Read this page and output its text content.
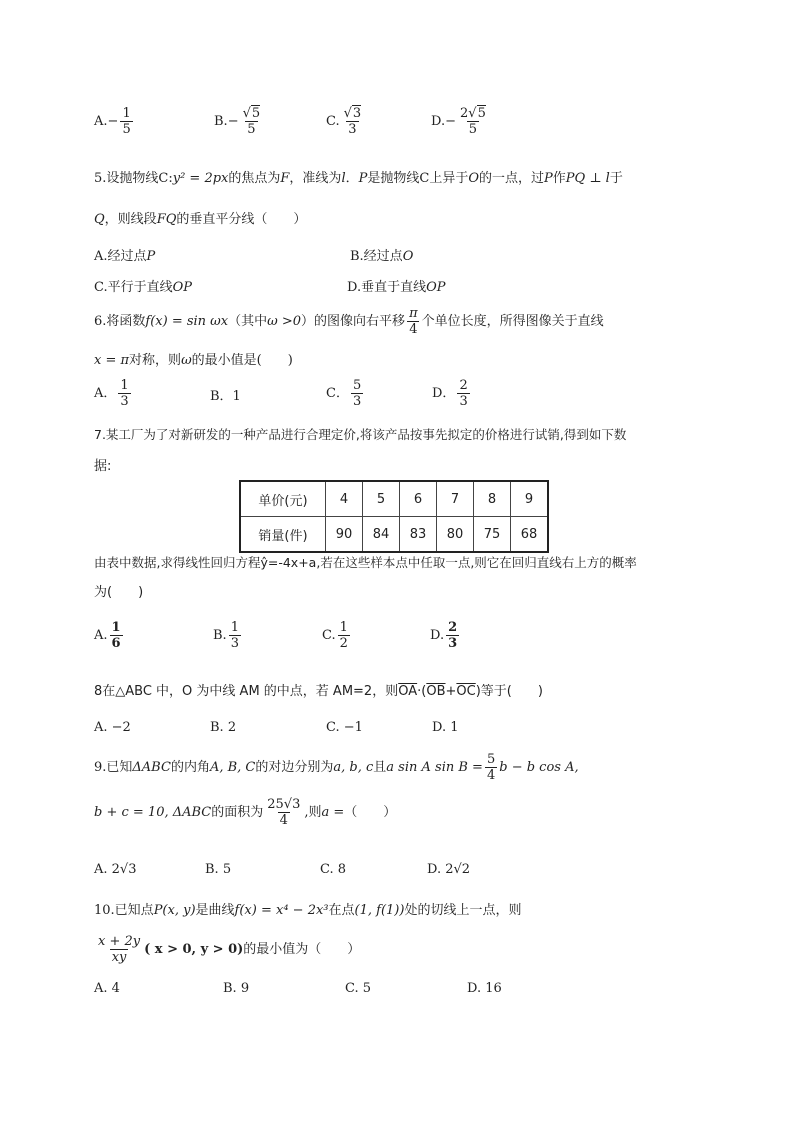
$A.- \frac{1}{5}$	$B.- \frac{√5}{5}$	C. $\frac{√3}{3}$	$D.- \frac{2√5}{5}$
5.设抛物线C:y² = 2px的焦点为F，准线为l．P是抛物线C上异于O的一点，过P作PQ ⊥ l于
Q，则线段FQ的垂直平分线（　　）
A.经过点P	B.经过点O
C.平行于直线OP	D.垂直于直线OP
6.将函数f(x) = sin ωx（其中ω >0）的图像向右平移 $\frac{\pi}{4}$ 个单位长度，所得图像关于直线
x = π对称，则ω的最小值是(　　)
A． $\frac{1}{3}$	B．1	C． $\frac{5}{3}$	D． $\frac{2}{3}$
7.某工厂为了对新研发的一种产品进行合理定价,将该产品按事先拟定的价格进行试销,得到如下数
据:
单价(元)	4	5	6	7	8	9
销量(件)	90	84	83	80	75	68
由表中数据,求得线性回归方程ŷ=-4x+a,若在这些样本点中任取一点,则它在回归直线右上方的概率
为(　　)
A. $\frac{1}{6}$	B. $\frac{1}{3}$	C. $\frac{1}{2}$	D. $\frac{2}{3}$
8在△ABC 中，O 为中线 AM 的中点，若 AM=2，则$\overline{OA}\cdot(\overline{OB}+\overline{OC})$等于(　　)
A. −2	B. 2	C. −1	D. 1
9.已知ΔABC的内角A, B, C的对边分别为a, b, c且a sin A $\sin B = \frac{5}{4}$ b − b cos A,
b + c = 10, ΔABC的面积为 $\frac{25√3}{4}$ ,则a =（　　）
A. 2√3	B. 5	C. 8	D. 2√2
10.已知点P(x, y)是曲线f(x) = x⁴ − 2x³在点(1, f(1))处的切线上一点，则
$\frac{x + 2y}{xy}$ ( x > 0, y > 0)的最小值为（　　）
A. 4	B. 9	C. 5	D. 16
